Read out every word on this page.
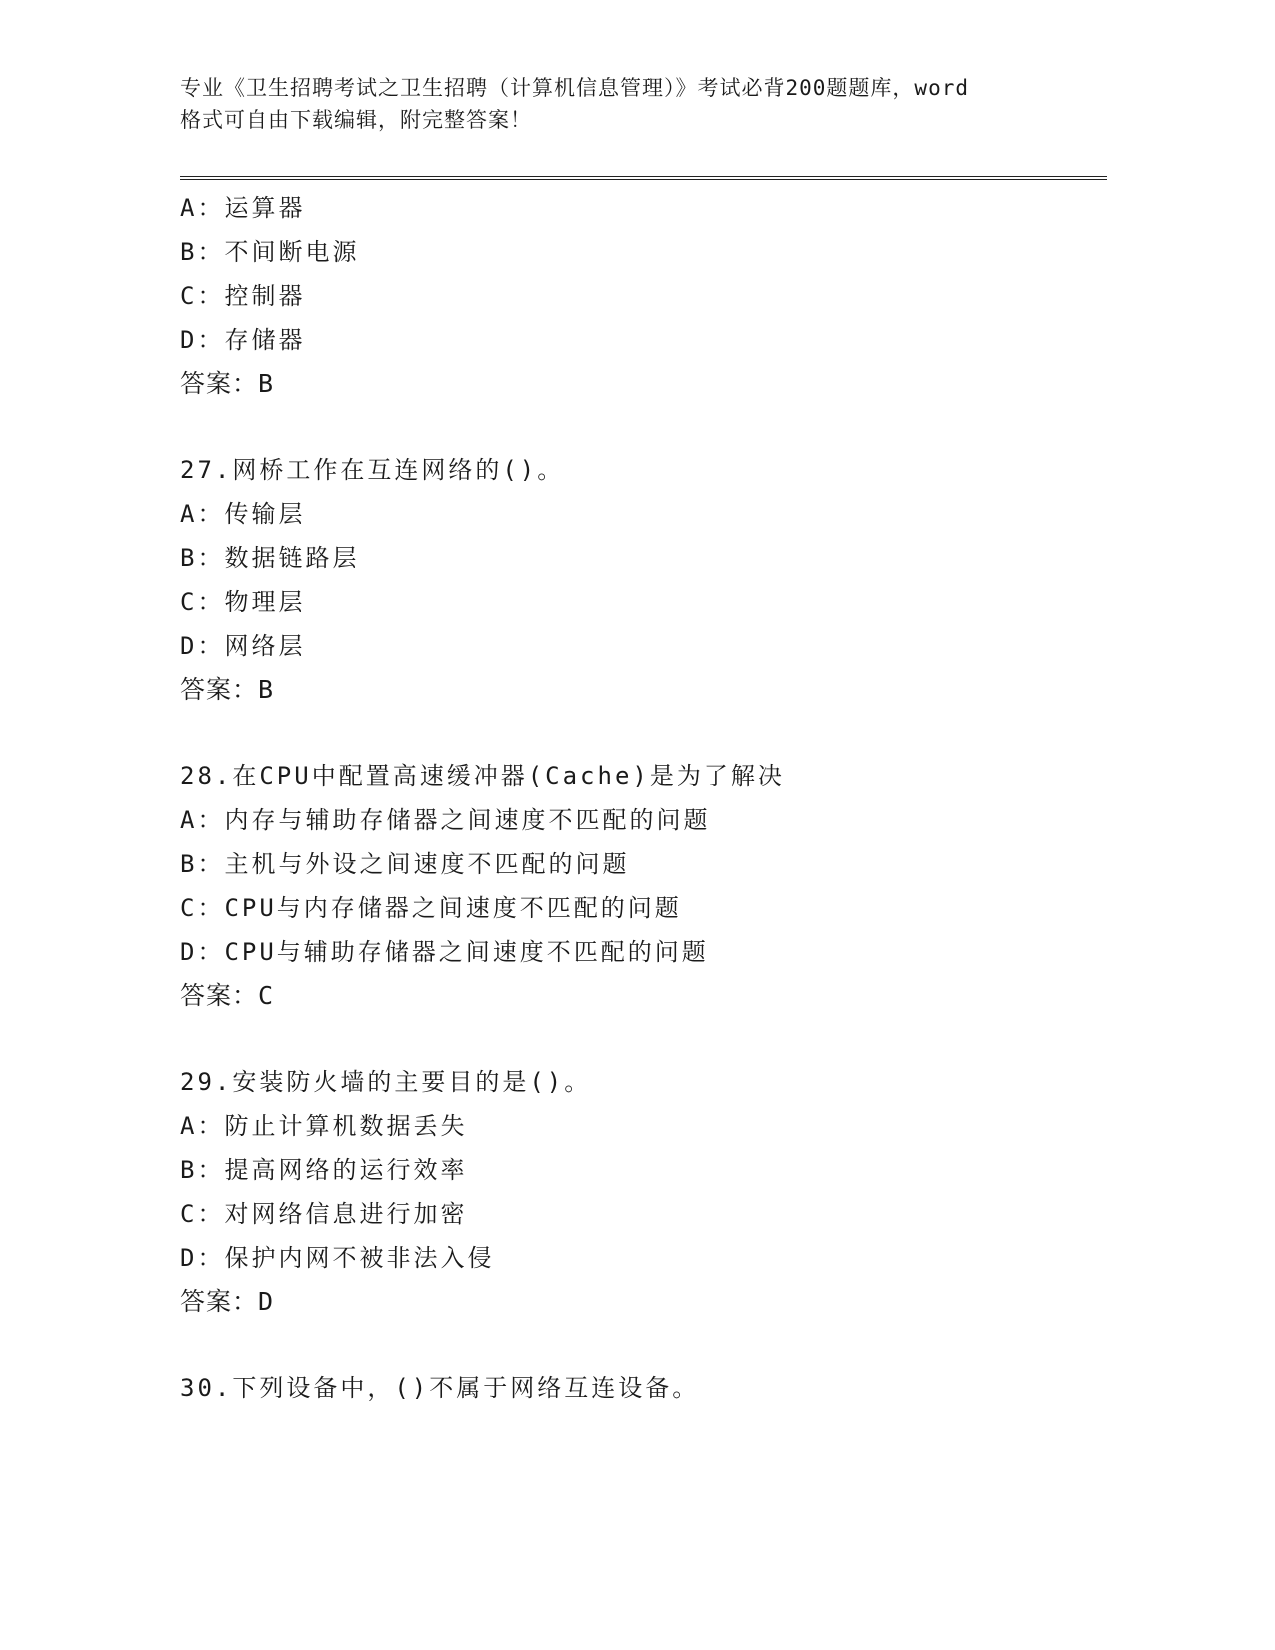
专业《卫生招聘考试之卫生招聘（计算机信息管理）》考试必背200题题库，word
格式可自由下载编辑，附完整答案！
A：运算器
B：不间断电源
C：控制器
D：存储器
答案：B
27.网桥工作在互连网络的()。
A：传输层
B：数据链路层
C：物理层
D：网络层
答案：B
28.在CPU中配置高速缓冲器(Cache)是为了解决
A：内存与辅助存储器之间速度不匹配的问题
B：主机与外设之间速度不匹配的问题
C：CPU与内存储器之间速度不匹配的问题
D：CPU与辅助存储器之间速度不匹配的问题
答案：C
29.安装防火墙的主要目的是()。
A：防止计算机数据丢失
B：提高网络的运行效率
C：对网络信息进行加密
D：保护内网不被非法入侵
答案：D
30.下列设备中，()不属于网络互连设备。
